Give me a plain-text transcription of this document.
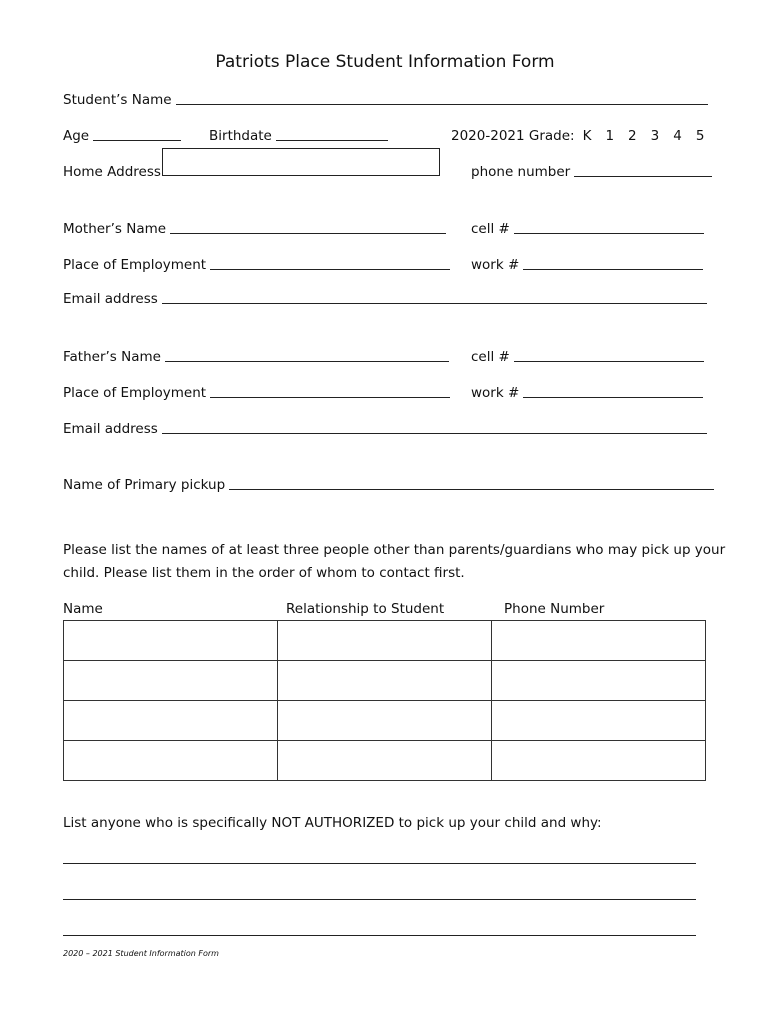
Patriots Place Student Information Form
Student’s Name
Age	Birthdate	2020-2021 Grade: K 1 2 3 4 5
Home Address	phone number
Mother’s Name	cell #
Place of Employment	work #
Email address
Father’s Name	cell #
Place of Employment	work #
Email address
Name of Primary pickup
Please list the names of at least three people other than parents/guardians who may pick up your
child. Please list them in the order of whom to contact first.
Name	Relationship to Student	Phone Number

List anyone who is specifically NOT AUTHORIZED to pick up your child and why:
2020 – 2021 Student Information Form
